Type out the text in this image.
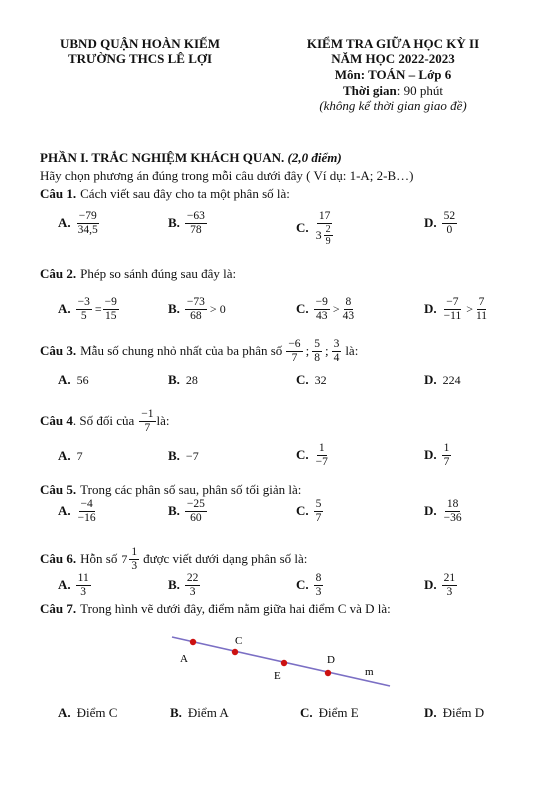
UBND QUẬN HOÀN KIẾM
TRƯỜNG THCS LÊ LỢI
KIỂM TRA GIỮA HỌC KỲ II
NĂM HỌC 2022-2023
Môn: TOÁN – Lớp 6
Thời gian: 90 phút
(không kể thời gian giao đề)
PHẦN I. TRẮC NGHIỆM KHÁCH QUAN. (2,0 điểm)
Hãy chọn phương án đúng trong mỗi câu dưới đây ( Ví dụ: 1-A; 2-B…)
Câu 1. Cách viết sau đây cho ta một phân số là:
A. $\frac{-79}{34,5}$	B. $\frac{-63}{78}$	C. $\frac{17}{3 \frac{2}{9}}$	D. $\frac{52}{0}$
Câu 2. Phép so sánh đúng sau đây là:
A. $\frac{-3}{5} = \frac{-9}{15}$	B. $\frac{-73}{68} > 0$	C. $\frac{-9}{43} > \frac{8}{43}$	D. $\frac{-7}{-11} > \frac{7}{11}$
Câu 3. Mẫu số chung nhỏ nhất của ba phân số $\frac{-6}{7}$ ; $\frac{5}{8}$ ; $\frac{3}{4}$ là:
A. 56	B. 28	C. 32	D. 224
Câu 4 . Số đối của $\frac{-1}{7}$ là:
A. 7	B. −7	C. $\frac{1}{-7}$	D. $\frac{1}{7}$
Câu 5. Trong các phân số sau, phân số tối giản là:
A. $\frac{-4}{-16}$	B. $\frac{-25}{60}$	C. $\frac{5}{7}$	D. $\frac{18}{-36}$
Câu 6. Hỗn số $7 \frac{1}{3}$ được viết dưới dạng phân số là:
A. $\frac{11}{3}$	B. $\frac{22}{3}$	C. $\frac{8}{3}$	D. $\frac{21}{3}$
Câu 7. Trong hình vẽ dưới đây, điểm nằm giữa hai điểm C và D là:
A
C
E
D
m
A. Điểm C	B. Điểm A	C. Điểm E	D. Điểm D
